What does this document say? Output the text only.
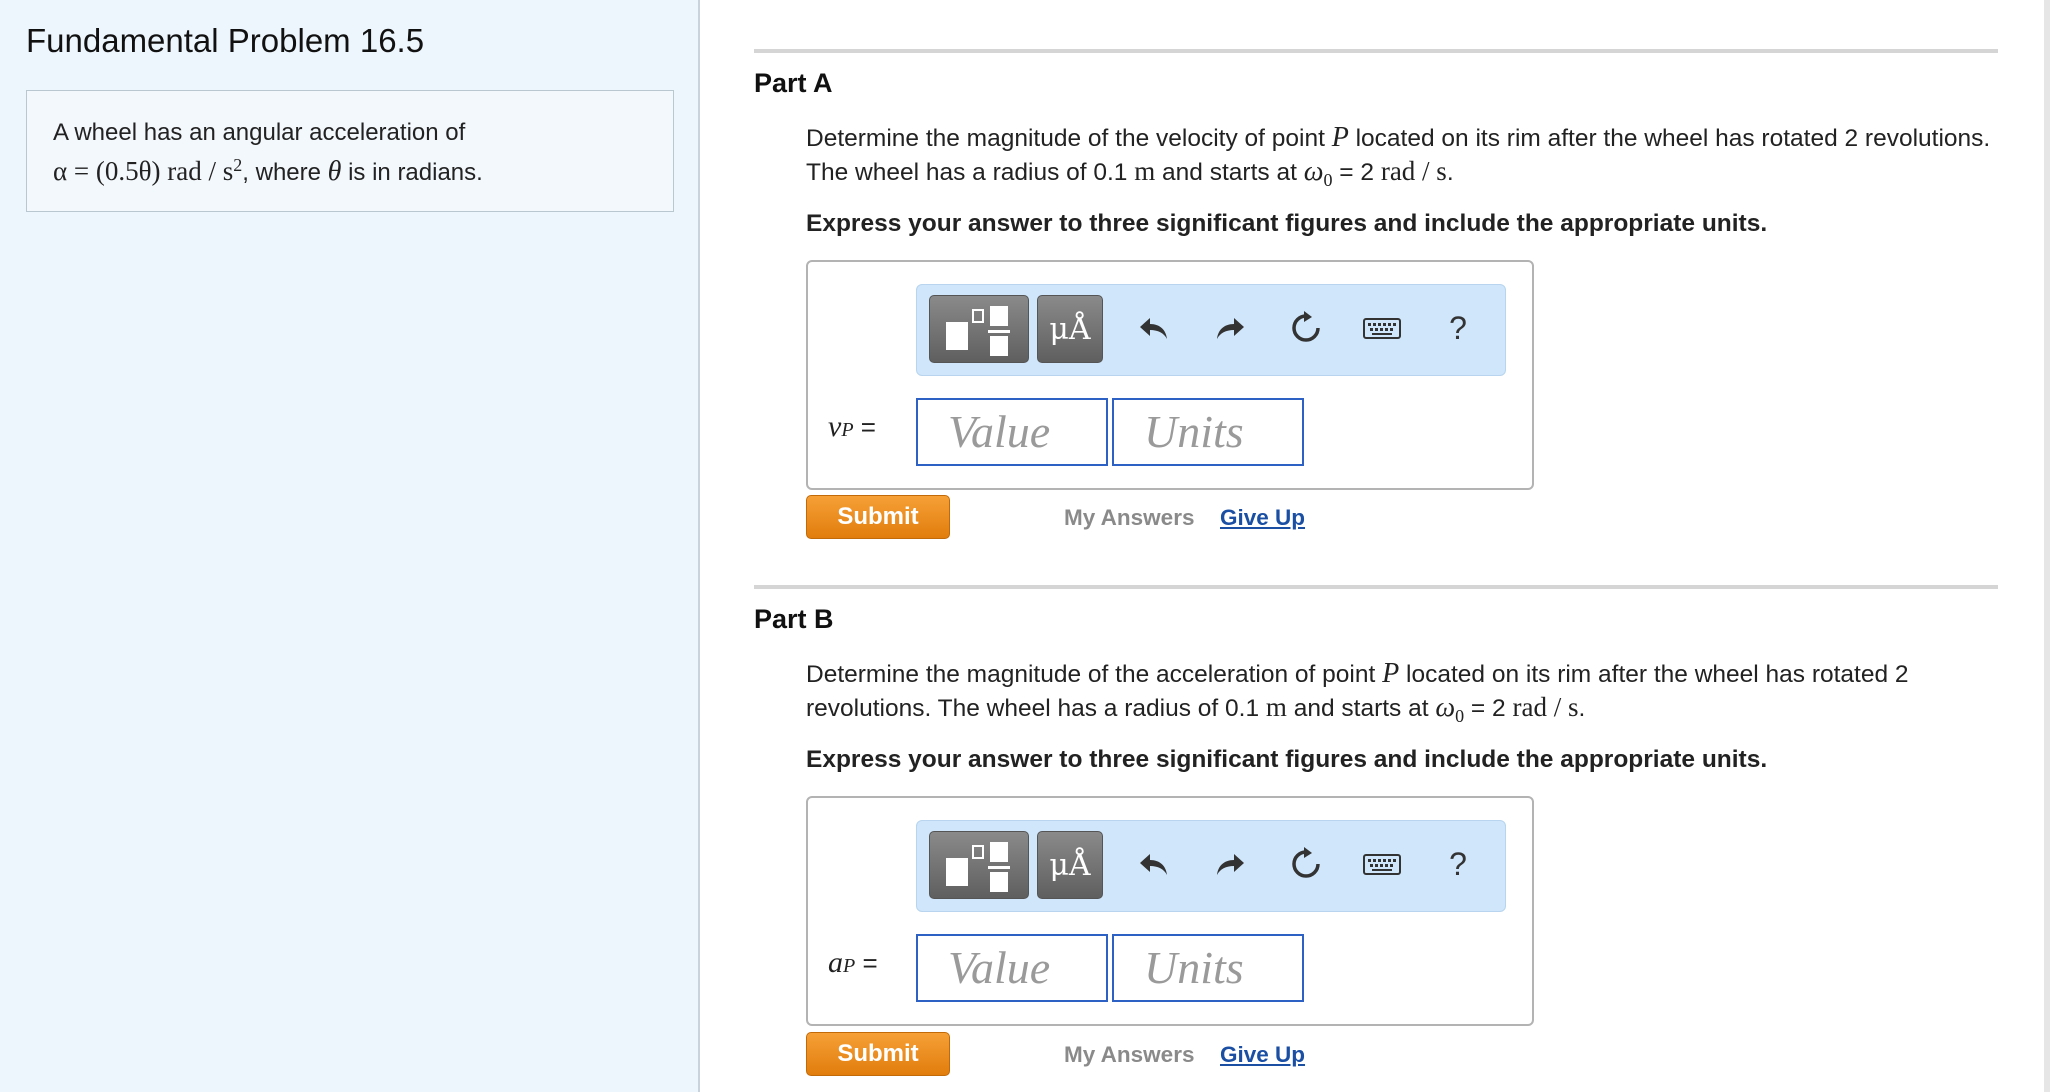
Fundamental Problem 16.5
A wheel has an angular acceleration of
α = (0.5θ) rad / $s^2$, where θ is in radians.
Part A
Determine the magnitude of the velocity of point P located on its rim after the wheel has rotated 2 revolutions. The wheel has a radius of 0.1 m and starts at $\omega_0 = 2$ rad / s.
Express your answer to three significant figures and include the appropriate units.
μÅ	?
vP =	Value	Units
Submit	My Answers Give Up
Part B
Determine the magnitude of the acceleration of point P located on its rim after the wheel has rotated 2 revolutions. The wheel has a radius of 0.1 m and starts at $\omega_0 = 2$ rad / s.
Express your answer to three significant figures and include the appropriate units.
μÅ	?
aP =	Value	Units
Submit	My Answers Give Up
